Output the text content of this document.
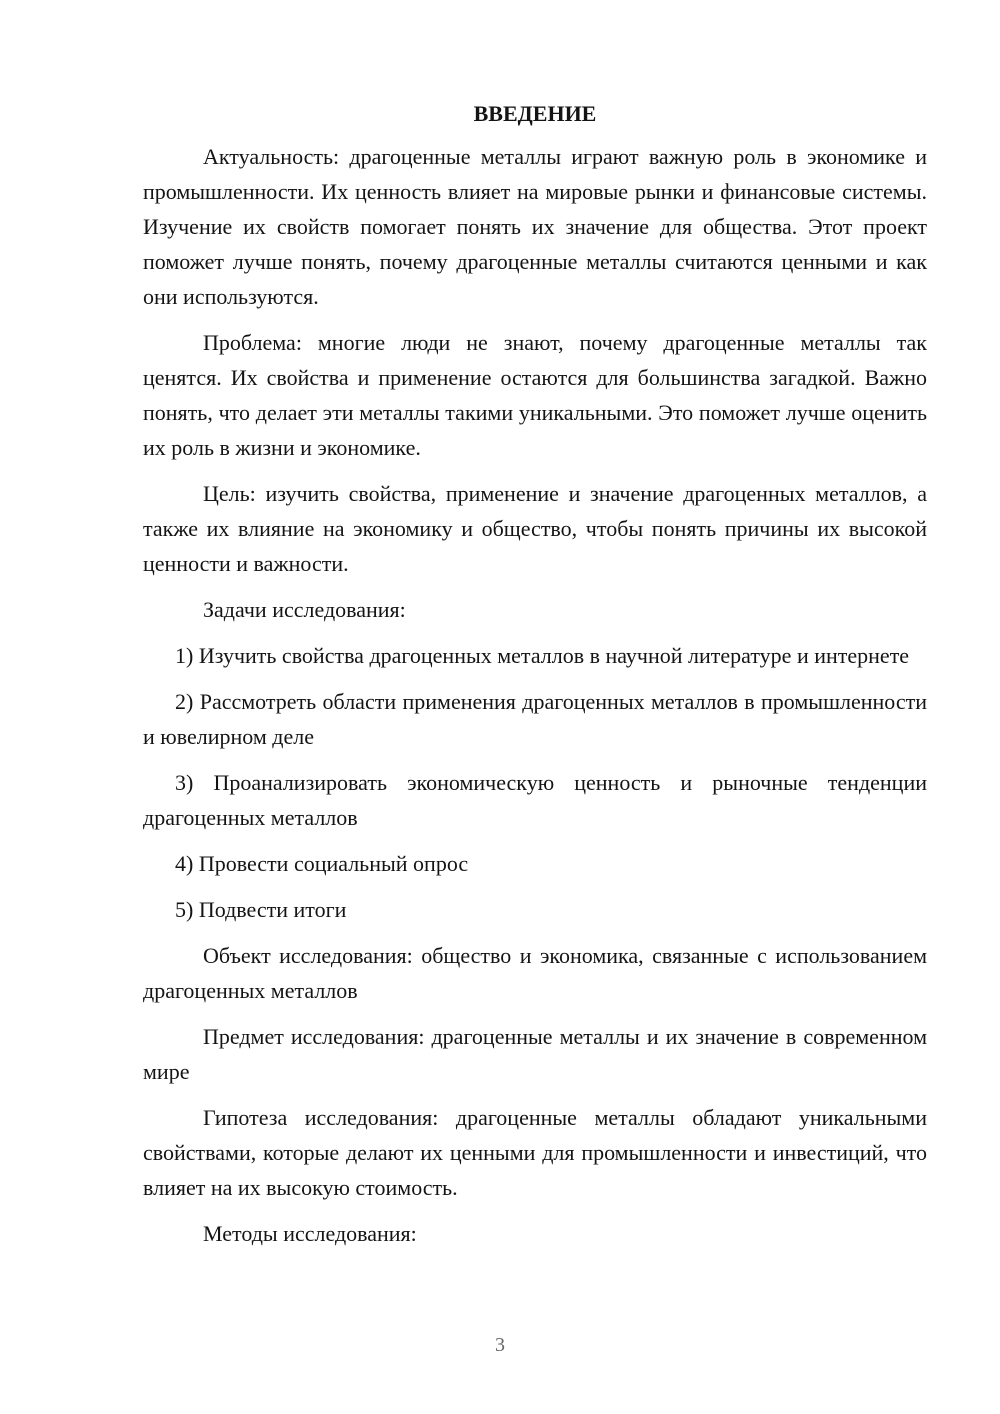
ВВЕДЕНИЕ

Актуальность: драгоценные металлы играют важную роль в экономике и промышленности. Их ценность влияет на мировые рынки и финансовые системы. Изучение их свойств помогает понять их значение для общества. Этот проект поможет лучше понять, почему драгоценные металлы считаются ценными и как они используются.

Проблема: многие люди не знают, почему драгоценные металлы так ценятся. Их свойства и применение остаются для большинства загадкой. Важно понять, что делает эти металлы такими уникальными. Это поможет лучше оценить их роль в жизни и экономике.

Цель: изучить свойства, применение и значение драгоценных металлов, а также их влияние на экономику и общество, чтобы понять причины их высокой ценности и важности.

Задачи исследования:

1) Изучить свойства драгоценных металлов в научной литературе и интернете

2) Рассмотреть области применения драгоценных металлов в промышленности и ювелирном деле

3) Проанализировать экономическую ценность и рыночные тенденции драгоценных металлов

4) Провести социальный опрос

5) Подвести итоги

Объект исследования: общество и экономика, связанные с использованием драгоценных металлов

Предмет исследования: драгоценные металлы и их значение в современном мире

Гипотеза исследования: драгоценные металлы обладают уникальными свойствами, которые делают их ценными для промышленности и инвестиций, что влияет на их высокую стоимость.

Методы исследования:

3
